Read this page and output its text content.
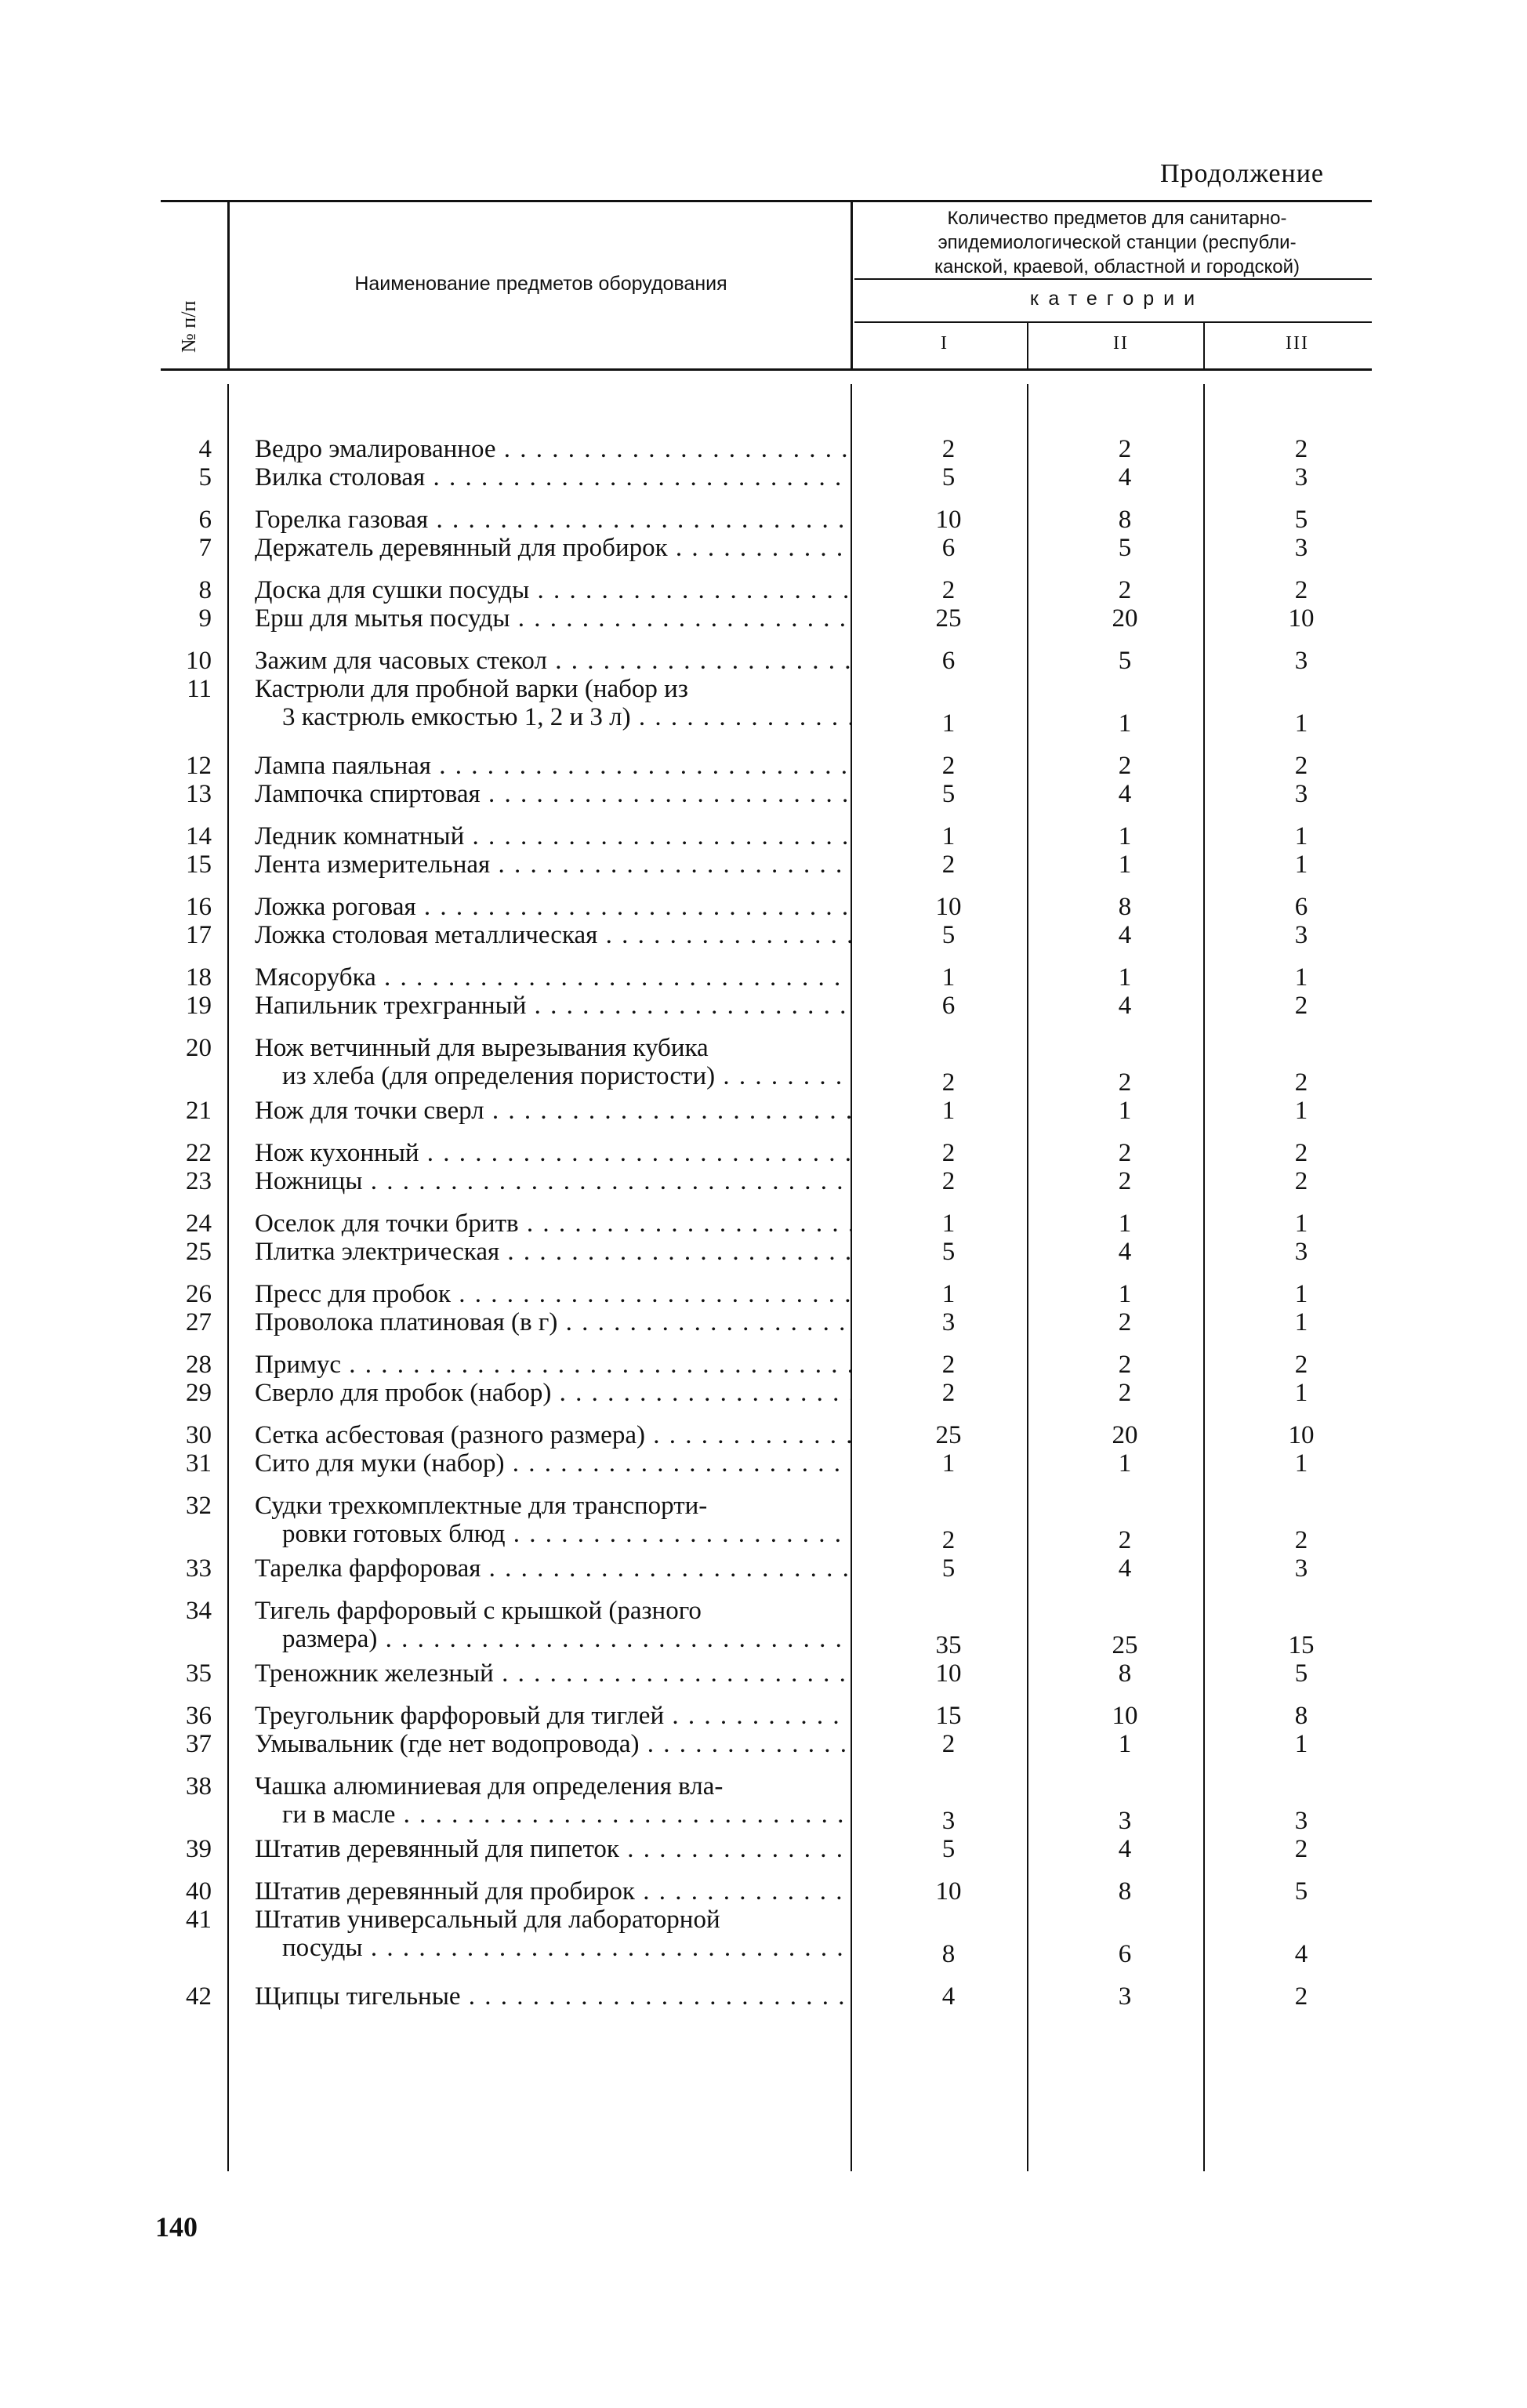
Продолжение
№ п/п
Наименование предметов оборудования
Количество предметов для санитарно-
эпидемиологической станции (республи-
канской, краевой, областной и городской)
категории
I	II	III
4 Ведро эмалированное . . .	2	2	2
5 Вилка столовая . . .	5	4	3
6 Горелка газовая . . .	10	8	5
7 Держатель деревянный для пробирок . . .	6	5	3
8 Доска для сушки посуды . . .	2	2	2
9 Ерш для мытья посуды . . .	25	20	10
10 Зажим для часовых стекол . . .	6	5	3
11 Кастрюли для пробной варки (набор из
3 кастрюль емкостью 1, 2 и 3 л) . . .	1	1	1
12 Лампа паяльная . . .	2	2	2
13 Лампочка спиртовая . . .	5	4	3
14 Ледник комнатный . . .	1	1	1
15 Лента измерительная . . .	2	1	1
16 Ложка роговая . . .	10	8	6
17 Ложка столовая металлическая . . .	5	4	3
18 Мясорубка . . .	1	1	1
19 Напильник трехгранный . . .	6	4	2
20 Нож ветчинный для вырезывания кубика
из хлеба (для определения пористости) . . .	2	2	2
21 Нож для точки сверл . . .	1	1	1
22 Нож кухонный . . .	2	2	2
23 Ножницы . . .	2	2	2
24 Оселок для точки бритв . . .	1	1	1
25 Плитка электрическая . . .	5	4	3
26 Пресс для пробок . . .	1	1	1
27 Проволока платиновая (в г) . . .	3	2	1
28 Примус . . .	2	2	2
29 Сверло для пробок (набор) . . .	2	2	1
30 Сетка асбестовая (разного размера) . . .	25	20	10
31 Сито для муки (набор) . . .	1	1	1
32 Судки трехкомплектные для транспорти-
ровки готовых блюд . . .	2	2	2
33 Тарелка фарфоровая . . .	5	4	3
34 Тигель фарфоровый с крышкой (разного
размера) . . .	35	25	15
35 Треножник железный . . .	10	8	5
36 Треугольник фарфоровый для тиглей . . .	15	10	8
37 Умывальник (где нет водопровода) . . .	2	1	1
38 Чашка алюминиевая для определения вла-
ги в масле . . .	3	3	3
39 Штатив деревянный для пипеток . . .	5	4	2
40 Штатив деревянный для пробирок . . .	10	8	5
41 Штатив универсальный для лабораторной
посуды . . .	8	6	4
42 Щипцы тигельные . . .	4	3	2
140
